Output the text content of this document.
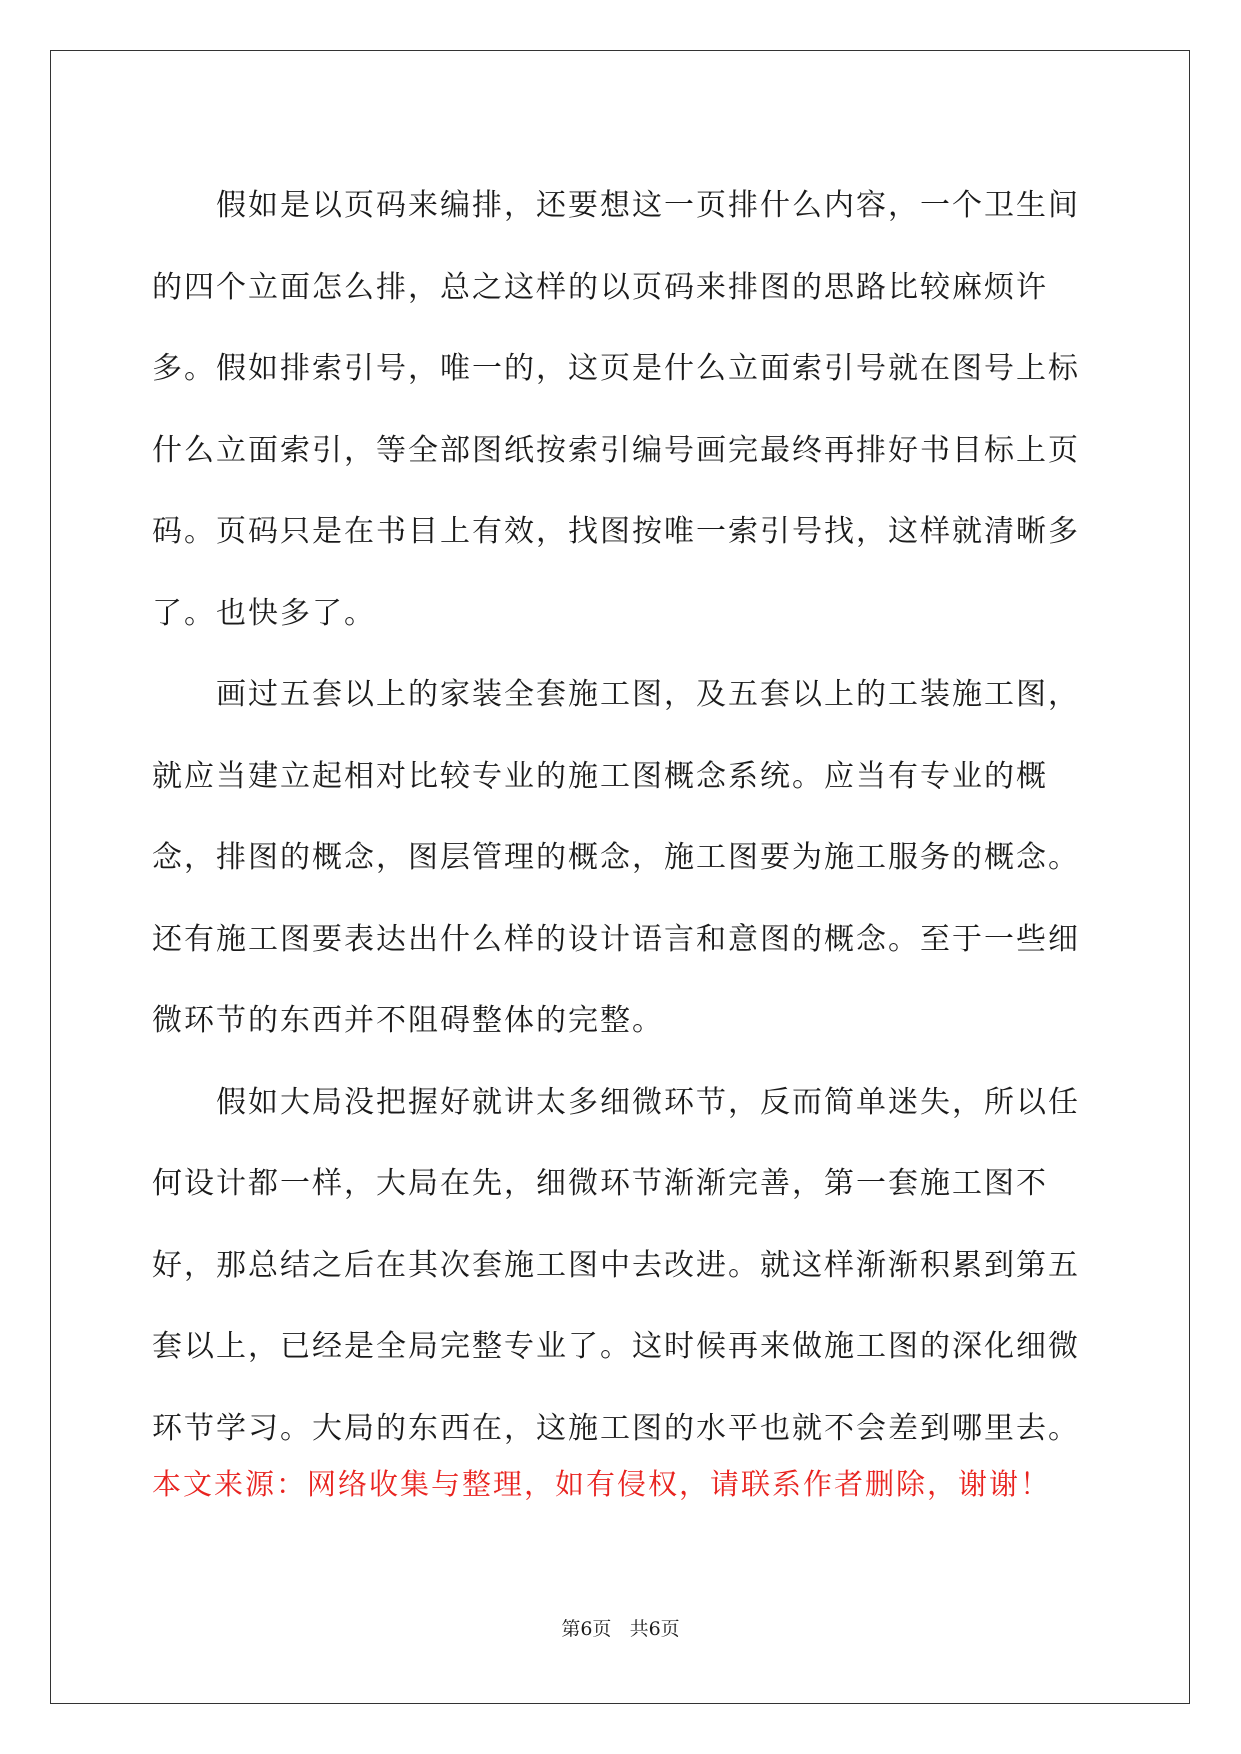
假如是以页码来编排，还要想这一页排什么内容，一个卫生间的四个立面怎么排，总之这样的以页码来排图的思路比较麻烦许多。假如排索引号，唯一的，这页是什么立面索引号就在图号上标什么立面索引，等全部图纸按索引编号画完最终再排好书目标上页码。页码只是在书目上有效，找图按唯一索引号找，这样就清晰多了。也快多了。

画过五套以上的家装全套施工图，及五套以上的工装施工图，就应当建立起相对比较专业的施工图概念系统。应当有专业的概念，排图的概念，图层管理的概念，施工图要为施工服务的概念。还有施工图要表达出什么样的设计语言和意图的概念。至于一些细微环节的东西并不阻碍整体的完整。

假如大局没把握好就讲太多细微环节，反而简单迷失，所以任何设计都一样，大局在先，细微环节渐渐完善，第一套施工图不好，那总结之后在其次套施工图中去改进。就这样渐渐积累到第五套以上，已经是全局完整专业了。这时候再来做施工图的深化细微环节学习。大局的东西在，这施工图的水平也就不会差到哪里去。

本文来源：网络收集与整理，如有侵权，请联系作者删除，谢谢！
第6页 共6页
